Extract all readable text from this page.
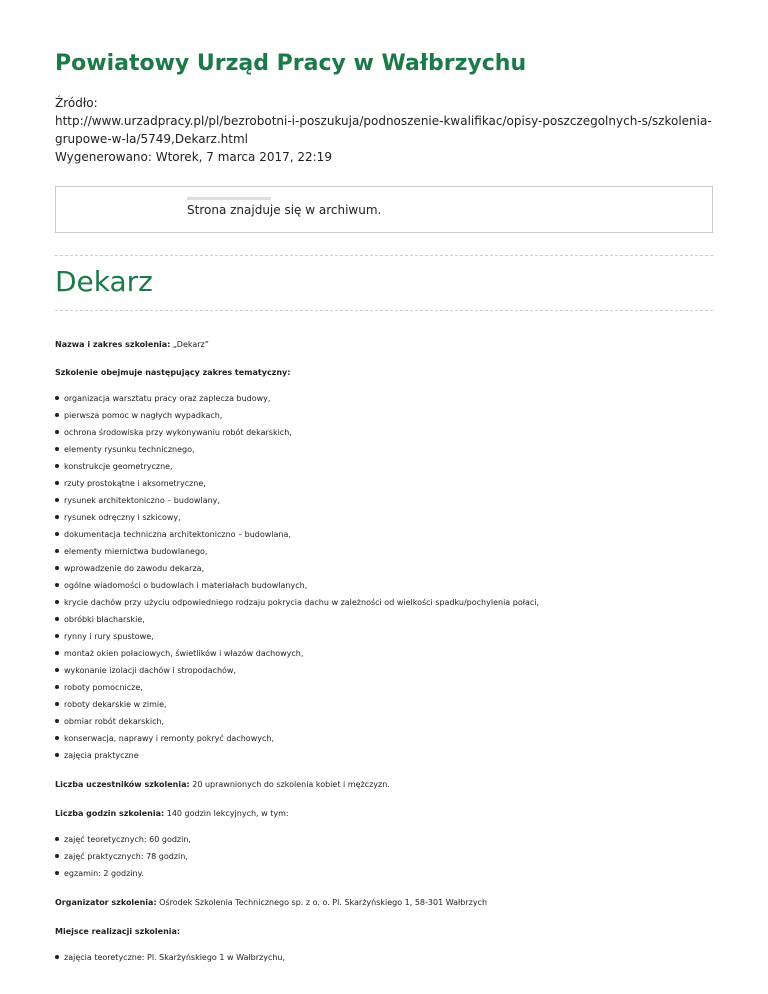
Powiatowy Urząd Pracy w Wałbrzychu
Źródło:
http://www.urzadpracy.pl/pl/bezrobotni-i-poszukuja/podnoszenie-kwalifikac/opisy-poszczegolnych-s/szkolenia-grupowe-w-la/5749,Dekarz.html
Wygenerowano: Wtorek, 7 marca 2017, 22:19
Strona znajduje się w archiwum.
Dekarz

Nazwa i zakres szkolenia: „Dekarz”

Szkolenie obejmuje następujący zakres tematyczny:

organizacja warsztatu pracy oraz zaplecza budowy,
pierwsza pomoc w nagłych wypadkach,
ochrona środowiska przy wykonywaniu robót dekarskich,
elementy rysunku technicznego,
konstrukcje geometryczne,
rzuty prostokątne i aksometryczne,
rysunek architektoniczno – budowlany,
rysunek odręczny i szkicowy,
dokumentacja techniczna architektoniczno – budowlana,
elementy miernictwa budowlanego,
wprowadzenie do zawodu dekarza,
ogólne wiadomości o budowlach i materiałach budowlanych,
krycie dachów przy użyciu odpowiedniego rodzaju pokrycia dachu w zależności od wielkości spadku/pochylenia połaci,
obróbki blacharskie,
rynny i rury spustowe,
montaż okien połaciowych, świetlików i włazów dachowych,
wykonanie izolacji dachów i stropodachów,
roboty pomocnicze,
roboty dekarskie w zimie,
obmiar robót dekarskich,
konserwacja, naprawy i remonty pokryć dachowych,
zajęcia praktyczne

Liczba uczestników szkolenia: 20 uprawnionych do szkolenia kobiet i mężczyzn.

Liczba godzin szkolenia: 140 godzin lekcyjnych, w tym:

zajęć teoretycznych: 60 godzin,
zajęć praktycznych: 78 godzin,
egzamin: 2 godziny.

Organizator szkolenia: Ośrodek Szkolenia Technicznego sp. z o. o. Pl. Skarżyńskiego 1, 58-301 Wałbrzych

Miejsce realizacji szkolenia:

zajęcia teoretyczne: Pl. Skarżyńskiego 1 w Wałbrzychu,
